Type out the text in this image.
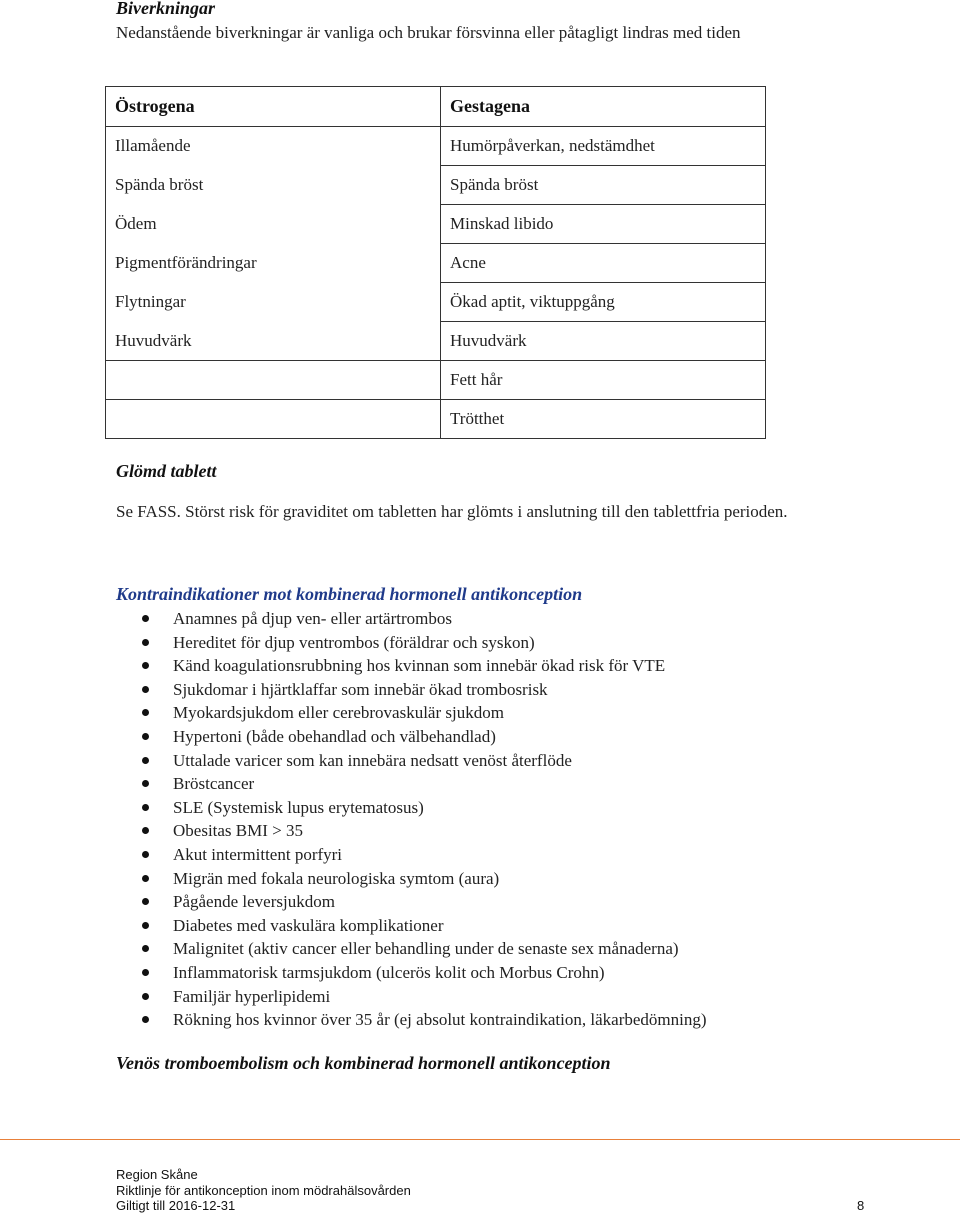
Biverkningar
Nedanstående biverkningar är vanliga och brukar försvinna eller påtagligt lindras med tiden
Östrogena	Gestagena
Illamående	Humörpåverkan, nedstämdhet
Spända bröst	Spända bröst
Ödem	Minskad libido
Pigmentförändringar	Acne
Flytningar	Ökad aptit, viktuppgång
Huvudvärk	Huvudvärk
	Fett hår
	Trötthet
Glömd tablett
Se FASS. Störst risk för graviditet om tabletten har glömts i anslutning till den tablettfria perioden.
Kontraindikationer mot kombinerad hormonell antikonception
Anamnes på djup ven- eller artärtrombos
Hereditet för djup ventrombos (föräldrar och syskon)
Känd koagulationsrubbning hos kvinnan som innebär ökad risk för VTE
Sjukdomar i hjärtklaffar som innebär ökad trombosrisk
Myokardsjukdom eller cerebrovaskulär sjukdom
Hypertoni (både obehandlad och välbehandlad)
Uttalade varicer som kan innebära nedsatt venöst återflöde
Bröstcancer
SLE (Systemisk lupus erytematosus)
Obesitas BMI > 35
Akut intermittent porfyri
Migrän med fokala neurologiska symtom (aura)
Pågående leversjukdom
Diabetes med vaskulära komplikationer
Malignitet (aktiv cancer eller behandling under de senaste sex månaderna)
Inflammatorisk tarmsjukdom (ulcerös kolit och Morbus Crohn)
Familjär hyperlipidemi
Rökning hos kvinnor över 35 år (ej absolut kontraindikation, läkarbedömning)
Venös tromboembolism och kombinerad hormonell antikonception
Region Skåne
Riktlinje för antikonception inom mödrahälsovården
Giltigt till 2016-12-31	8
